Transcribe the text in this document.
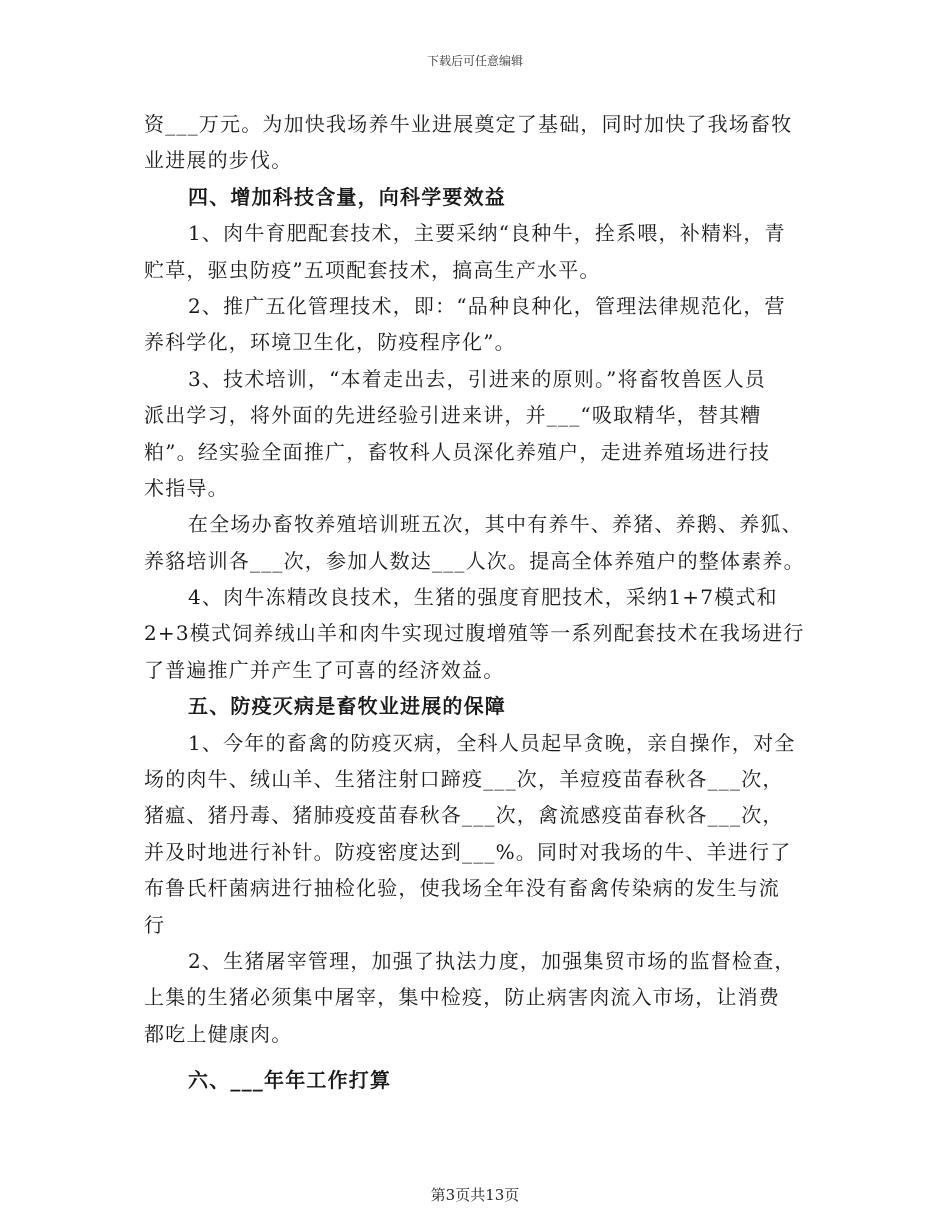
下载后可任意编辑
资___万元。为加快我场养牛业进展奠定了基础，同时加快了我场畜牧
业进展的步伐。
四、增加科技含量，向科学要效益
1、肉牛育肥配套技术，主要采纳“良种牛，拴系喂，补精料，青
贮草，驱虫防疫”五项配套技术，搞高生产水平。
2、推广五化管理技术，即：“品种良种化，管理法律规范化，营
养科学化，环境卫生化，防疫程序化”。
3、技术培训，“本着走出去，引进来的原则。”将畜牧兽医人员
派出学习，将外面的先进经验引进来讲，并___“吸取精华，替其糟
粕”。经实验全面推广，畜牧科人员深化养殖户，走进养殖场进行技
术指导。
在全场办畜牧养殖培训班五次，其中有养牛、养猪、养鹅、养狐、
养貉培训各___次，参加人数达___人次。提高全体养殖户的整体素养。
4、肉牛冻精改良技术，生猪的强度育肥技术，采纳1+7模式和
2+3模式饲养绒山羊和肉牛实现过腹增殖等一系列配套技术在我场进行
了普遍推广并产生了可喜的经济效益。
五、防疫灭病是畜牧业进展的保障
1、今年的畜禽的防疫灭病，全科人员起早贪晚，亲自操作，对全
场的肉牛、绒山羊、生猪注射口蹄疫___次，羊痘疫苗春秋各___次，
猪瘟、猪丹毒、猪肺疫疫苗春秋各___次，禽流感疫苗春秋各___次，
并及时地进行补针。防疫密度达到___%。同时对我场的牛、羊进行了
布鲁氏杆菌病进行抽检化验，使我场全年没有畜禽传染病的发生与流
行
2、生猪屠宰管理，加强了执法力度，加强集贸市场的监督检查，
上集的生猪必须集中屠宰，集中检疫，防止病害肉流入市场，让消费
都吃上健康肉。
六、___年年工作打算
第3页共13页
